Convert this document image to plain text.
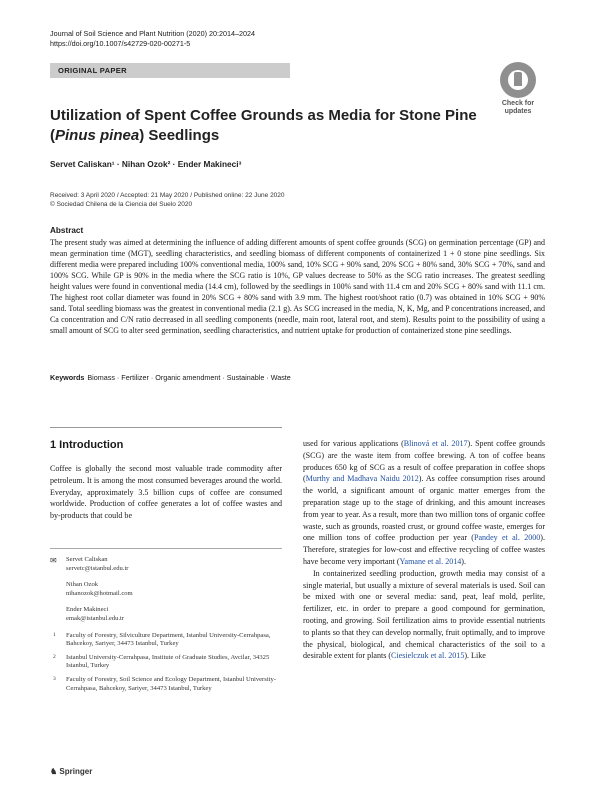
Journal of Soil Science and Plant Nutrition (2020) 20:2014–2024
https://doi.org/10.1007/s42729-020-00271-5
ORIGINAL PAPER
Check for
updates
Utilization of Spent Coffee Grounds as Media for Stone Pine (Pinus pinea) Seedlings
Servet Caliskan¹ · Nihan Ozok² · Ender Makineci³
Received: 3 April 2020 / Accepted: 21 May 2020 / Published online: 22 June 2020
© Sociedad Chilena de la Ciencia del Suelo 2020
Abstract
The present study was aimed at determining the influence of adding different amounts of spent coffee grounds (SCG) on germination percentage (GP) and mean germination time (MGT), seedling characteristics, and seedling biomass of different components of containerized 1 + 0 stone pine seedlings. Six different media were prepared including 100% conventional media, 100% sand, 10% SCG + 90% sand, 20% SCG + 80% sand, 30% SCG + 70%, sand and 100% SCG. While GP is 90% in the media where the SCG ratio is 10%, GP values decrease to 50% as the SCG ratio increases. The greatest seedling height values were found in conventional media (14.4 cm), followed by the seedlings in 100% sand with 11.4 cm and 20% SCG + 80% sand with 11.1 cm. The highest root collar diameter was found in 20% SCG + 80% sand with 3.9 mm. The highest root/shoot ratio (0.7) was obtained in 10% SCG + 90% sand. Total seedling biomass was the greatest in conventional media (2.1 g). As SCG increased in the media, N, K, Mg, and P concentrations increased, and Ca concentration and C/N ratio decreased in all seedling components (needle, main root, lateral root, and stem). Results point to the possibility of using a small amount of SCG to alter seed germination, seedling characteristics, and nutrient uptake for production of containerized stone pine seedlings.
Keywords Biomass · Fertilizer · Organic amendment · Sustainable · Waste
1 Introduction
Coffee is globally the second most valuable trade commodity after petroleum. It is among the most consumed beverages around the world. Everyday, approximately 3.5 billion cups of coffee are consumed worldwide. Production of coffee generates a lot of coffee wastes and by-products that could be

used for various applications (Blinová et al. 2017). Spent coffee grounds (SCG) are the waste item from coffee brewing. A ton of coffee beans produces 650 kg of SCG as a result of coffee preparation in coffee shops (Murthy and Madhava Naidu 2012). As coffee consumption rises around the world, a significant amount of organic matter emerges from the preparation stage up to the stage of drinking, and this amount increases from year to year. As a result, more than two million tons of organic coffee waste, such as grounds, roasted crust, or ground coffee waste, emerges for one million tons of coffee production per year (Pandey et al. 2000). Therefore, strategies for low-cost and effective recycling of coffee wastes have become very important (Yamane et al. 2014).

In containerized seedling production, growth media may consist of a single material, but usually a mixture of several materials is used. Soil can be mixed with one or several media: sand, peat, leaf mold, perlite, fertilizer, etc. in order to prepare a good compound for germination, rooting, and growing. Soil fertilization aims to provide essential nutrients to plants so that they can develop normally, fruit optimally, and to improve the physical, biological, and chemical characteristics of the soil to a desirable extent for plants (Ciesielczuk et al. 2015). Like

✉ Servet Caliskan
servetc@istanbul.edu.tr
Nihan Ozok
nihanozok@hotmail.com
Ender Makineci
emak@istanbul.edu.tr
1 Faculty of Forestry, Silviculture Department, Istanbul University-Cerrahpasa, Bahcekoy, Sariyer, 34473 Istanbul, Turkey
2 Istanbul University-Cerrahpasa, Institute of Graduate Studies, Avcilar, 34325 Istanbul, Turkey
3 Faculty of Forestry, Soil Science and Ecology Department, Istanbul University-Cerrahpasa, Bahcekoy, Sariyer, 34473 Istanbul, Turkey
♞ Springer
